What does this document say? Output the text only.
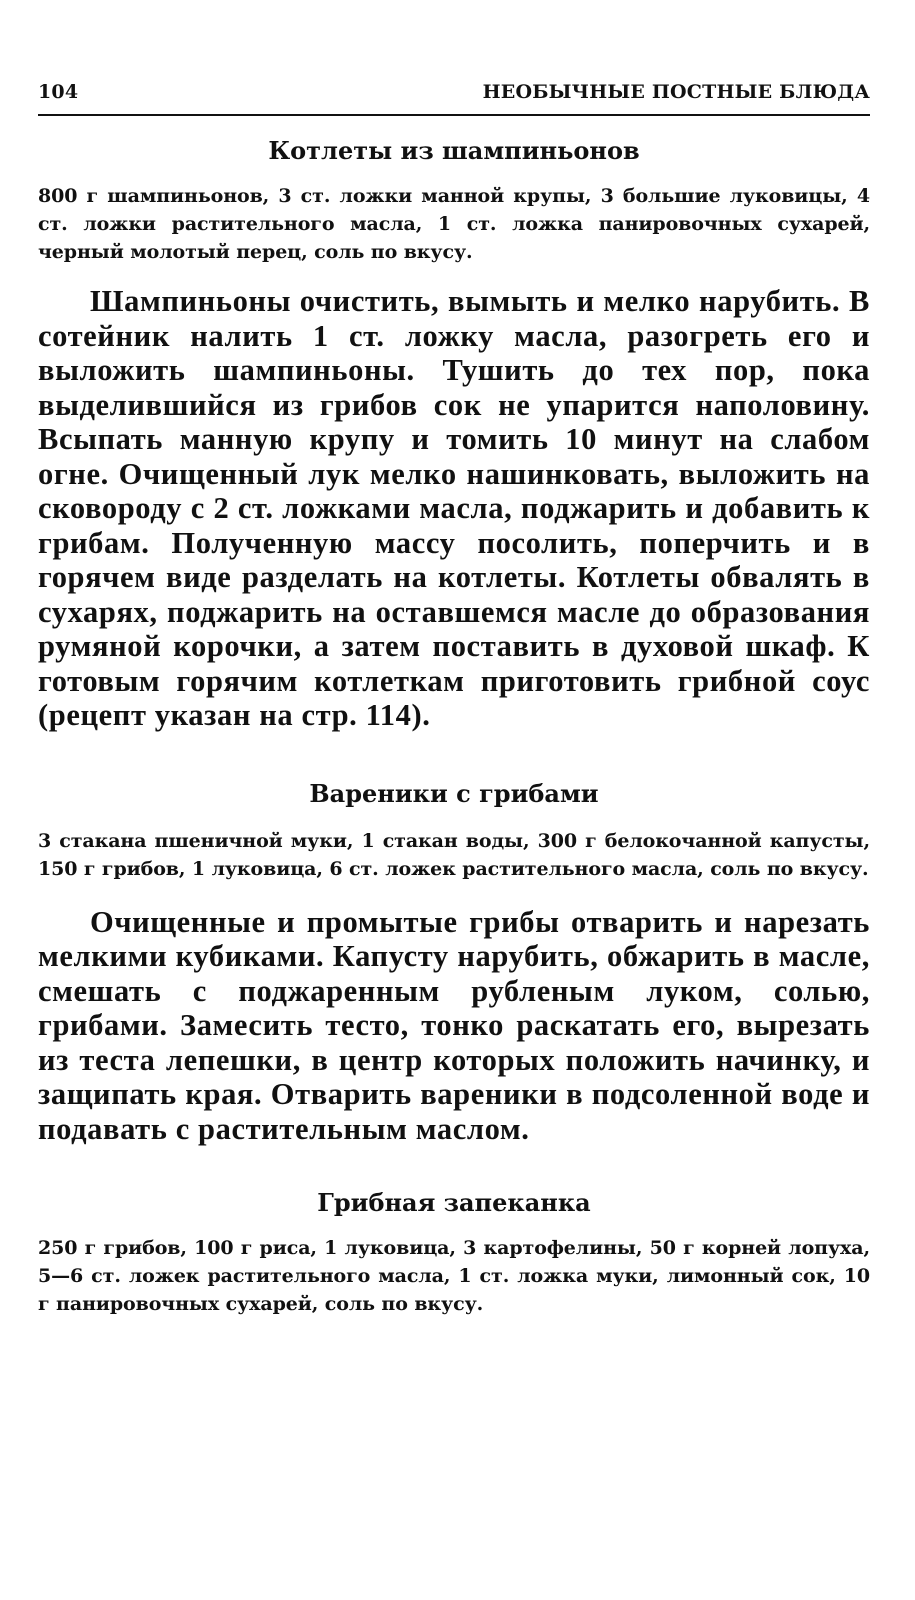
104	НЕОБЫЧНЫЕ ПОСТНЫЕ БЛЮДА
Котлеты из шампиньонов

800 г шампиньонов, 3 ст. ложки манной крупы, 3 большие луковицы, 4 ст. ложки растительного масла, 1 ст. ложка панировочных сухарей, черный молотый перец, соль по вкусу.

Шампиньоны очистить, вымыть и мелко нарубить. В сотейник налить 1 ст. ложку масла, разогреть его и выложить шампиньоны. Тушить до тех пор, пока выделившийся из грибов сок не упарится наполовину. Всыпать манную крупу и томить 10 минут на слабом огне. Очищенный лук мелко нашинковать, выложить на сковороду с 2 ст. ложками масла, поджарить и добавить к грибам. Полученную массу посолить, поперчить и в горячем виде разделать на котлеты. Котлеты обвалять в сухарях, поджарить на оставшемся масле до образования румяной корочки, а затем поставить в духовой шкаф. К готовым горячим котлеткам приготовить грибной соус (рецепт указан на стр. 114).

Вареники с грибами

3 стакана пшеничной муки, 1 стакан воды, 300 г белокочанной капусты, 150 г грибов, 1 луковица, 6 ст. ложек растительного масла, соль по вкусу.

Очищенные и промытые грибы отварить и нарезать мелкими кубиками. Капусту нарубить, обжарить в масле, смешать с поджаренным рубленым луком, солью, грибами. Замесить тесто, тонко раскатать его, вырезать из теста лепешки, в центр которых положить начинку, и защипать края. Отварить вареники в подсоленной воде и подавать с растительным маслом.

Грибная запеканка

250 г грибов, 100 г риса, 1 луковица, 3 картофелины, 50 г корней лопуха, 5—6 ст. ложек растительного масла, 1 ст. ложка муки, лимонный сок, 10 г панировочных сухарей, соль по вкусу.
